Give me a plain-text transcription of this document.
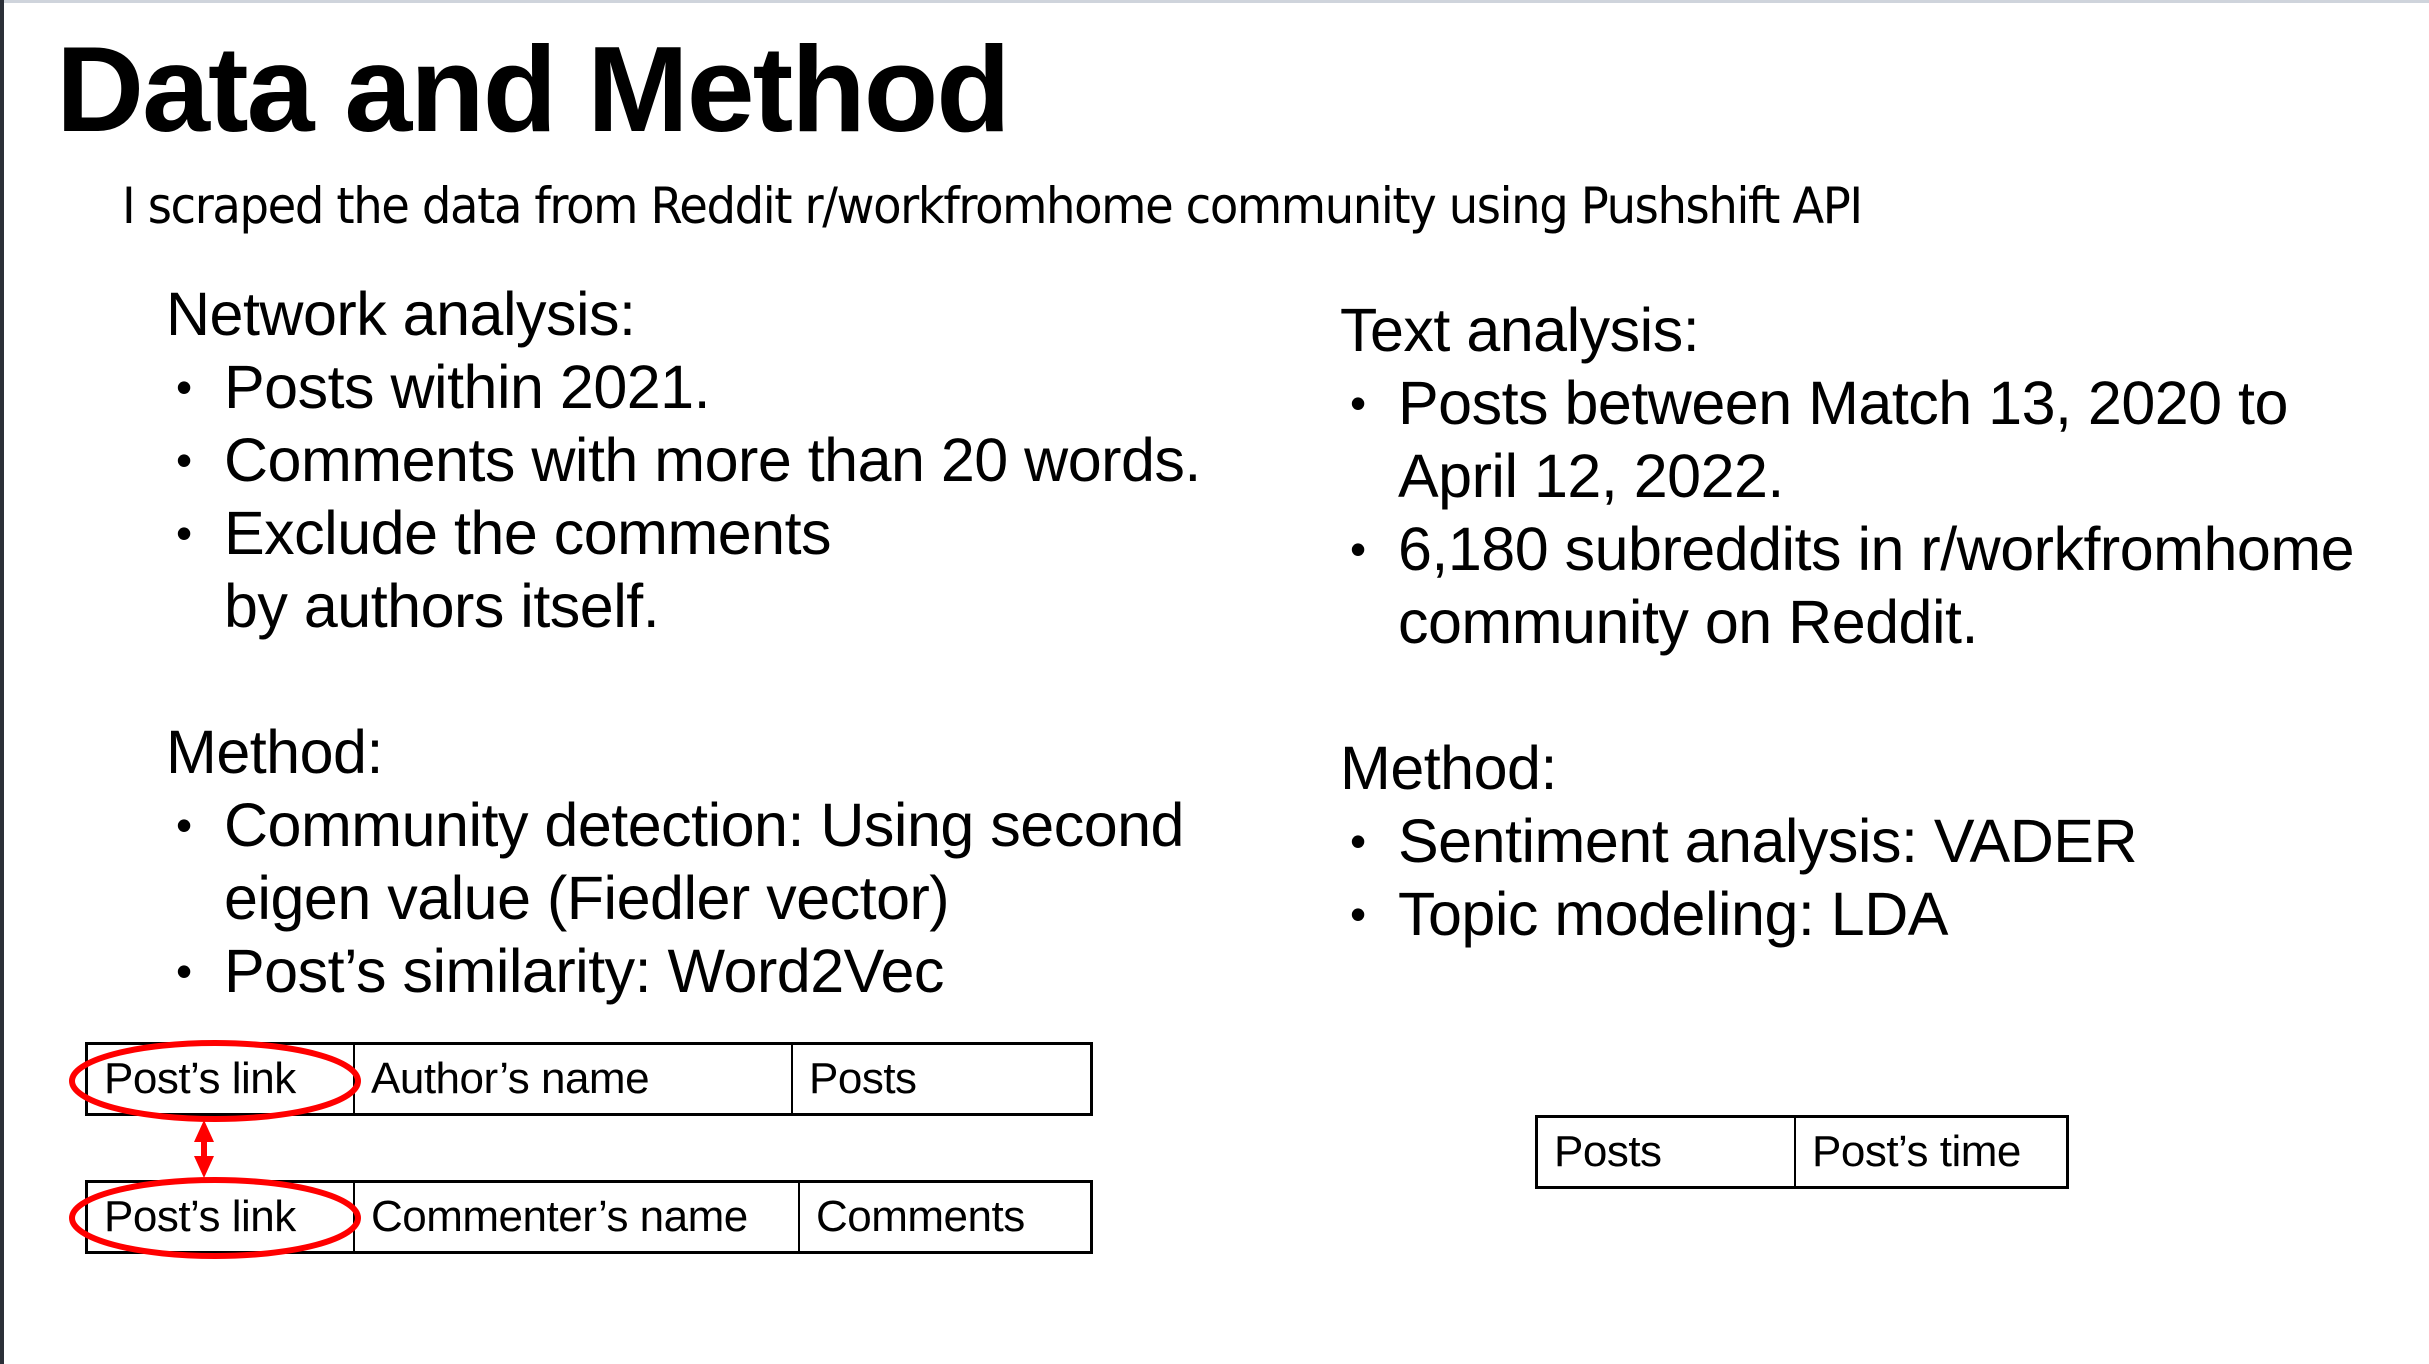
Data and Method
I scraped the data from Reddit r/workfromhome community using Pushshift API
Network analysis:
• Posts within 2021.
• Comments with more than 20 words.
• Exclude the comments by authors itself.
Method:
• Community detection: Using second eigen value (Fiedler vector)
• Post’s similarity: Word2Vec
Text analysis:
• Posts between Match 13, 2020 to April 12, 2022.
• 6,180 subreddits in r/workfromhome community on Reddit.
Method:
• Sentiment analysis: VADER
• Topic modeling: LDA
Post’s link	Author’s name	Posts
Post’s link	Commenter’s name	Comments
Posts	Post’s time
